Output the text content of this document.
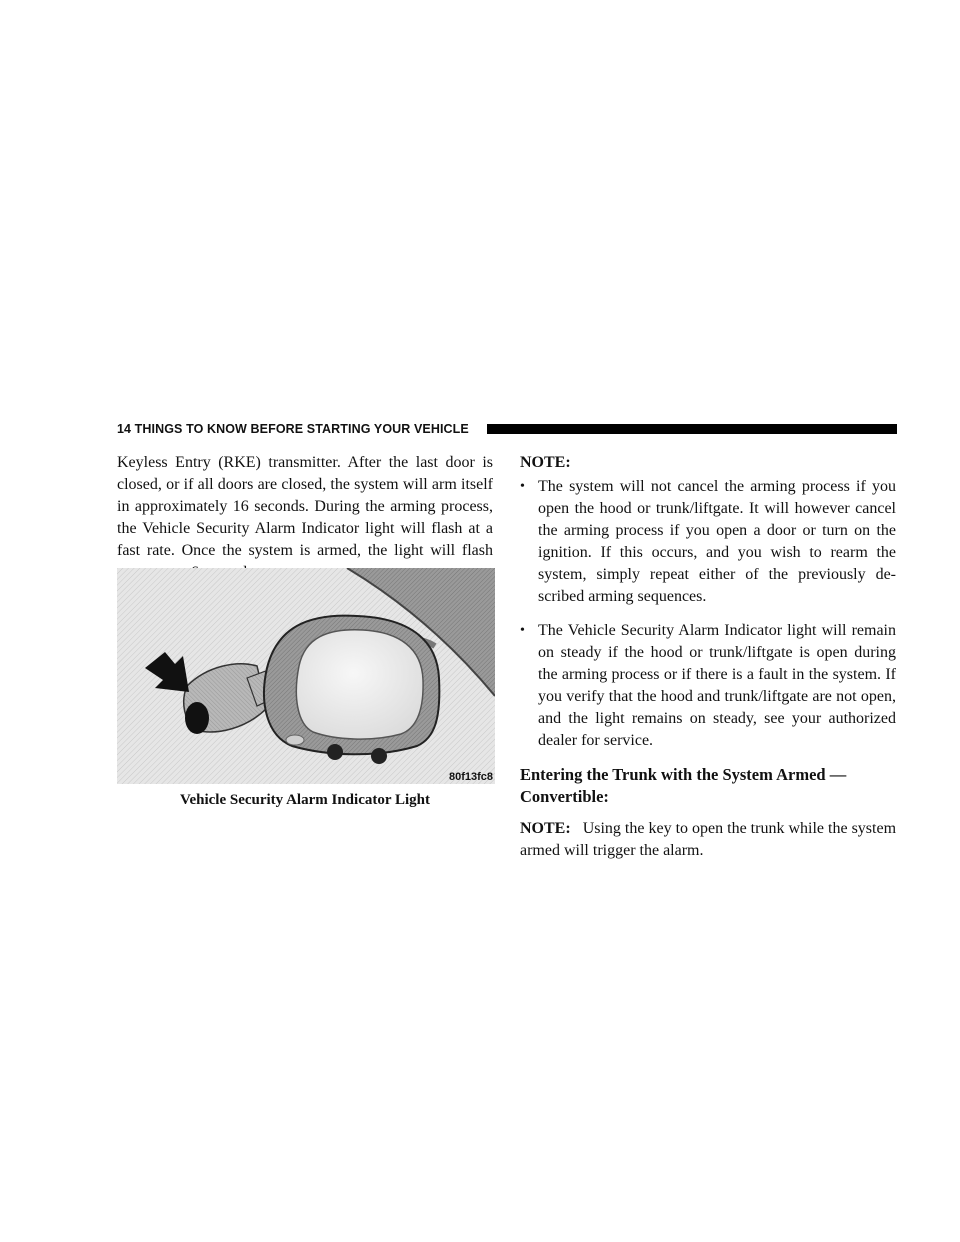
14 THINGS TO KNOW BEFORE STARTING YOUR VEHICLE

Keyless Entry (RKE) transmitter. After the last door is closed, or if all doors are closed, the system will arm itself in approximately 16 seconds. During the arming process, the Vehicle Security Alarm Indicator light will flash at a fast rate. Once the system is armed, the light will flash

80f13fc8
Vehicle Security Alarm Indicator Light

NOTE:

• The system will not cancel the arming process if you open the hood or trunk/liftgate. It will however cancel the arming process if you open a door or turn on the ignition. If this occurs, and you wish to rearm the system, simply repeat either of the previously de-scribed arming sequences.
• The Vehicle Security Alarm Indicator light will remain on steady if the hood or trunk/liftgate is open during the arming process or if there is a fault in the system. If you verify that the hood and trunk/liftgate are not open, and the light remains on steady, see your authorized dealer for service.

Entering the Trunk with the System Armed — Convertible:

NOTE: Using the key to open the trunk while the system armed will trigger the alarm.
